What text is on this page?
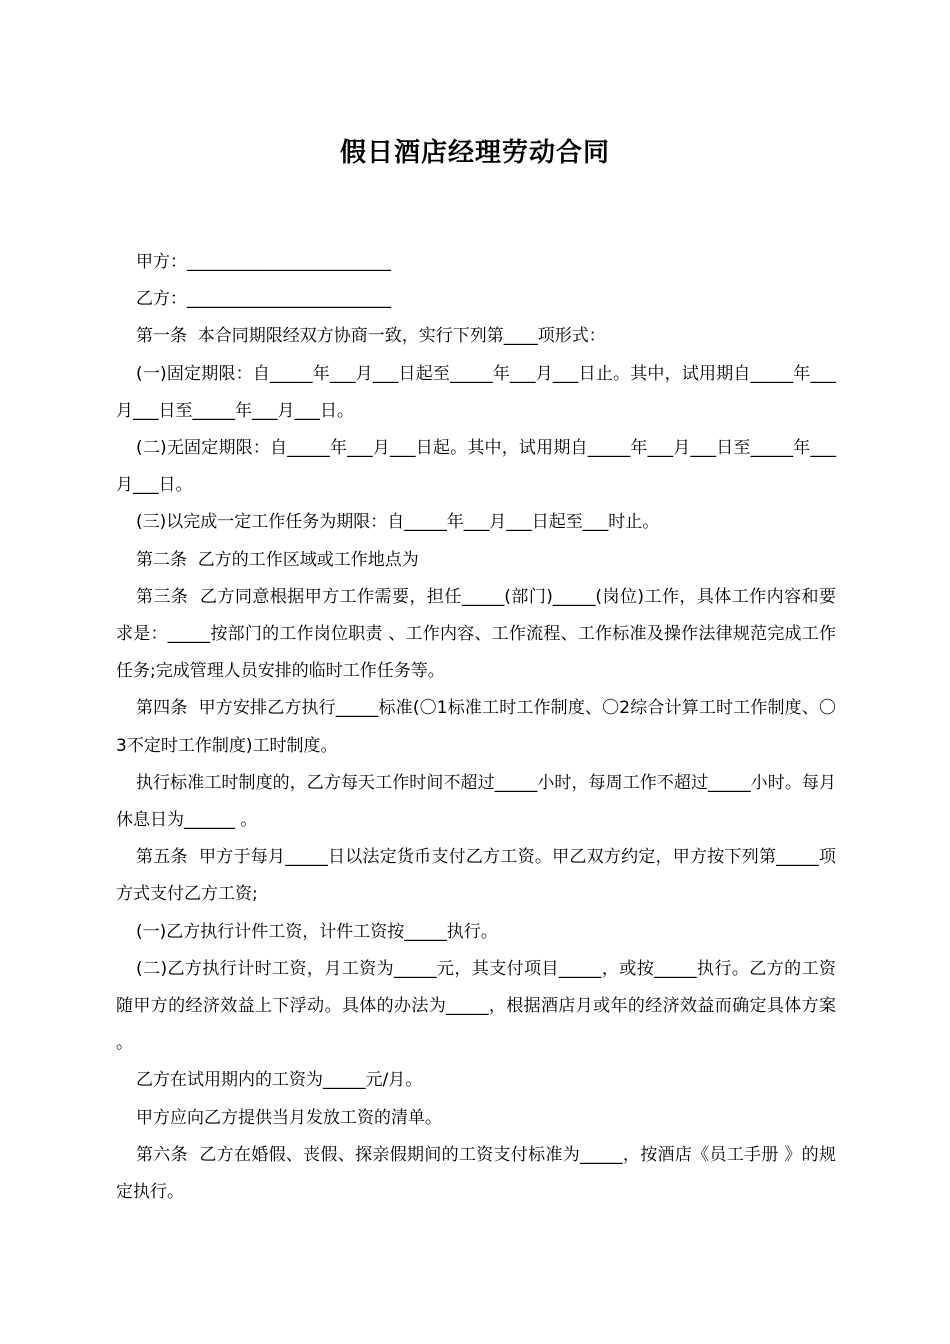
假日酒店经理劳动合同

甲方：________________________

乙方：________________________

第一条  本合同期限经双方协商一致，实行下列第____项形式：

(一)固定期限：自_____年___月___日起至_____年___月___日止。其中，试用期自_____年___月___日至_____年___月___日。

(二)无固定期限：自_____年___月___日起。其中，试用期自_____年___月___日至_____年___月___日。

(三)以完成一定工作任务为期限：自_____年___月___日起至___时止。

第二条  乙方的工作区域或工作地点为

第三条  乙方同意根据甲方工作需要，担任_____(部门)_____(岗位)工作，具体工作内容和要求是：_____按部门的工作岗位职责 、工作内容、工作流程、工作标准及操作法律规范完成工作任务;完成管理人员安排的临时工作任务等。

第四条  甲方安排乙方执行_____标准(〇1标准工时工作制度、〇2综合计算工时工作制度、〇3不定时工作制度)工时制度。

执行标准工时制度的，乙方每天工作时间不超过_____小时，每周工作不超过_____小时。每月休息日为______ 。

第五条  甲方于每月_____日以法定货币支付乙方工资。甲乙双方约定，甲方按下列第_____项方式支付乙方工资;

(一)乙方执行计件工资，计件工资按_____执行。

(二)乙方执行计时工资，月工资为_____元，其支付项目_____，或按_____执行。乙方的工资随甲方的经济效益上下浮动。具体的办法为_____，根据酒店月或年的经济效益而确定具体方案 。

乙方在试用期内的工资为_____元/月。

甲方应向乙方提供当月发放工资的清单。

第六条  乙方在婚假、丧假、探亲假期间的工资支付标准为_____，按酒店《员工手册 》的规定执行。
